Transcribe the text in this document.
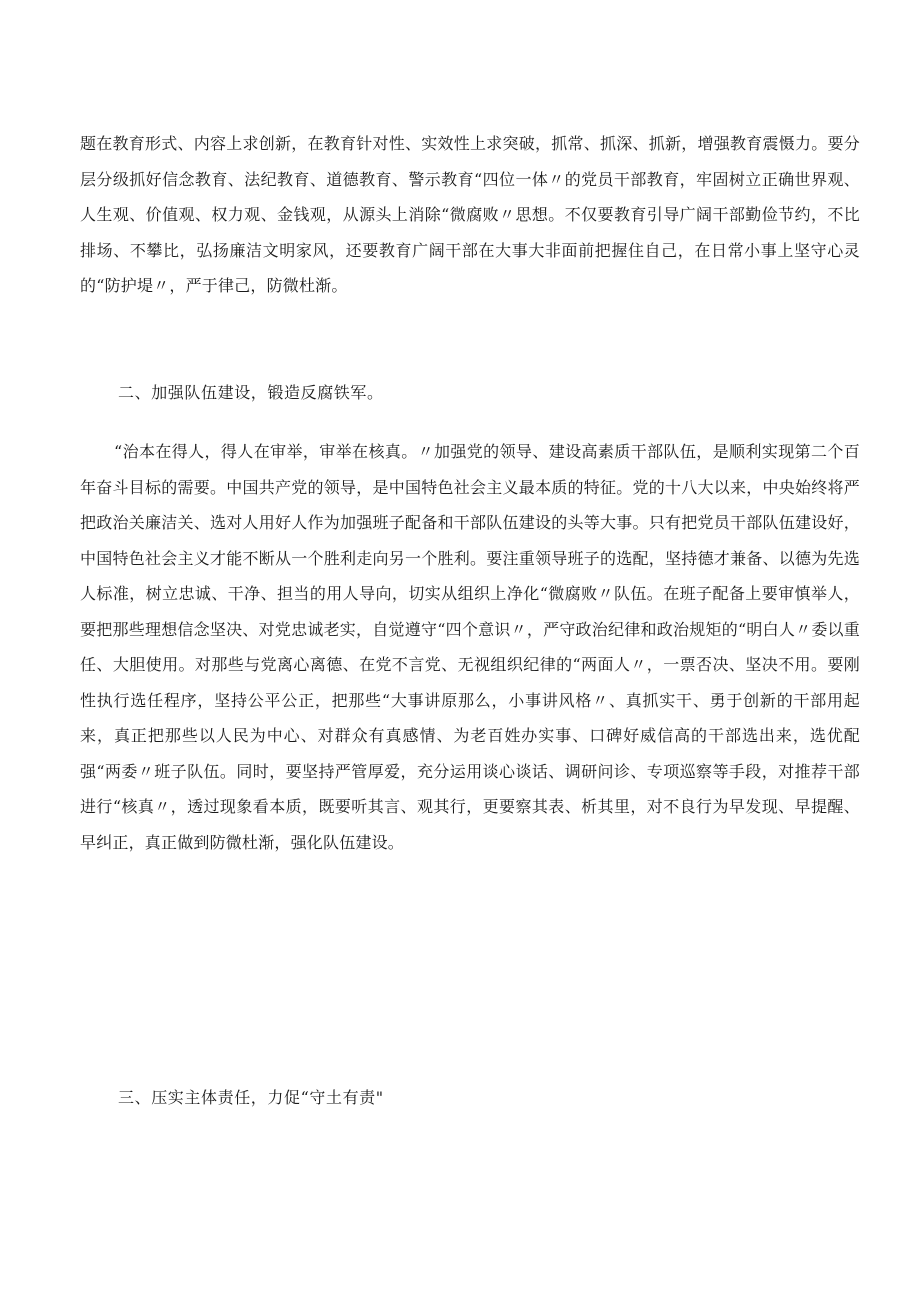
题在教育形式、内容上求创新，在教育针对性、实效性上求突破，抓常、抓深、抓新，增强教育震慑力。要分层分级抓好信念教育、法纪教育、道德教育、警示教育“四位一体〃的党员干部教育，牢固树立正确世界观、人生观、价值观、权力观、金钱观，从源头上消除“微腐败〃思想。不仅要教育引导广阔干部勤俭节约，不比排场、不攀比，弘扬廉洁文明家风，还要教育广阔干部在大事大非面前把握住自己，在日常小事上坚守心灵的“防护堤〃，严于律己，防微杜渐。

二、加强队伍建设，锻造反腐铁军。

“治本在得人，得人在审举，审举在核真。〃加强党的领导、建设高素质干部队伍，是顺利实现第二个百年奋斗目标的需要。中国共产党的领导，是中国特色社会主义最本质的特征。党的十八大以来，中央始终将严把政治关廉洁关、选对人用好人作为加强班子配备和干部队伍建设的头等大事。只有把党员干部队伍建设好，中国特色社会主义才能不断从一个胜利走向另一个胜利。要注重领导班子的选配，坚持德才兼备、以德为先选人标准，树立忠诚、干净、担当的用人导向，切实从组织上净化“微腐败〃队伍。在班子配备上要审慎举人，要把那些理想信念坚决、对党忠诚老实，自觉遵守“四个意识〃，严守政治纪律和政治规矩的“明白人〃委以重任、大胆使用。对那些与党离心离德、在党不言党、无视组织纪律的“两面人〃，一票否决、坚决不用。要刚性执行选任程序，坚持公平公正，把那些“大事讲原那么，小事讲风格〃、真抓实干、勇于创新的干部用起来，真正把那些以人民为中心、对群众有真感情、为老百姓办实事、口碑好威信高的干部选出来，选优配强“两委〃班子队伍。同时，要坚持严管厚爱，充分运用谈心谈话、调研问诊、专项巡察等手段，对推荐干部进行“核真〃，透过现象看本质，既要听其言、观其行，更要察其表、析其里，对不良行为早发现、早提醒、早纠正，真正做到防微杜渐，强化队伍建设。

三、压实主体责任，力促“守土有责"
